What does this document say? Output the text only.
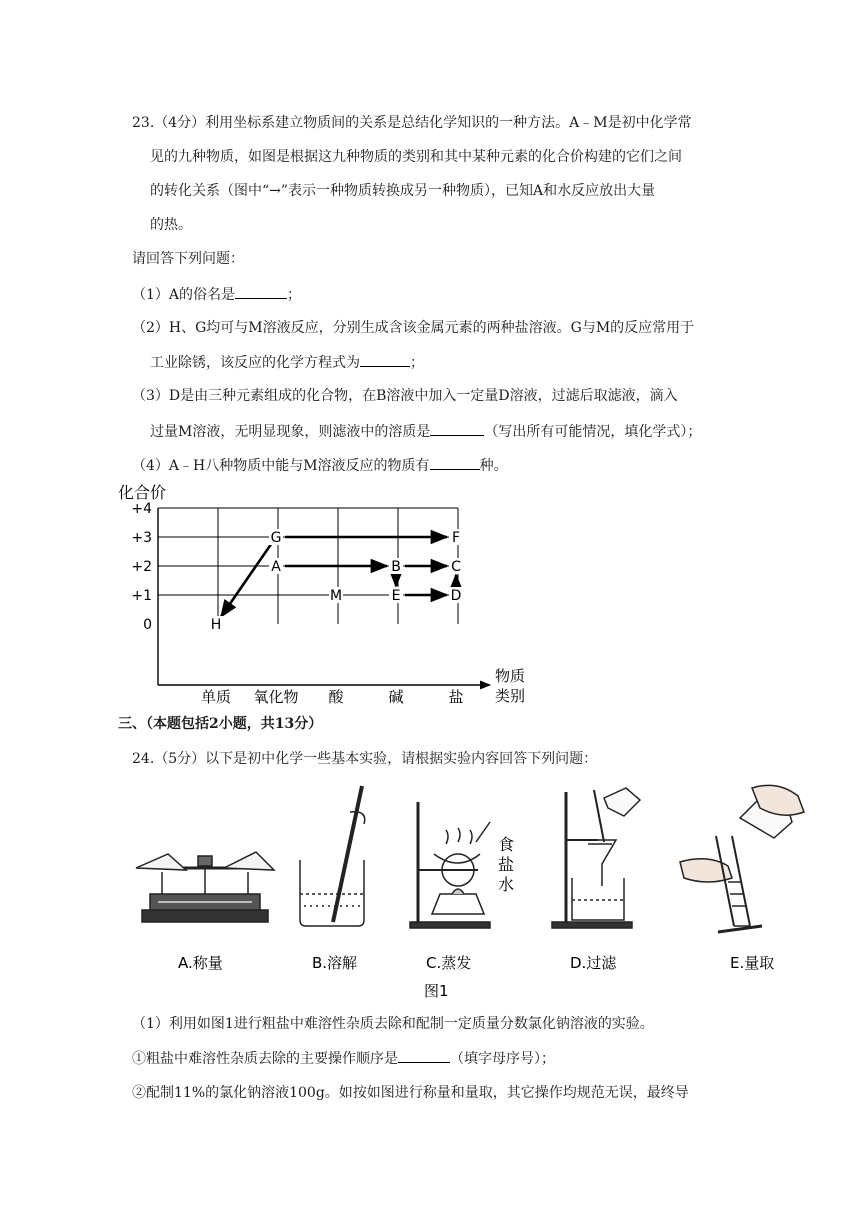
23.（4分）利用坐标系建立物质间的关系是总结化学知识的一种方法。A﹣M是初中化学常
见的九种物质，如图是根据这九种物质的类别和其中某种元素的化合价构建的它们之间
的转化关系（图中“→”表示一种物质转换成另一种物质），已知A和水反应放出大量
的热。
请回答下列问题：
（1）A的俗名是	；
（2）H、G均可与M溶液反应，分别生成含该金属元素的两种盐溶液。G与M的反应常用于
工业除锈，该反应的化学方程式为	；
（3）D是由三种元素组成的化合物，在B溶液中加入一定量D溶液，过滤后取滤液，滴入
过量M溶液，无明显现象，则滤液中的溶质是	（写出所有可能情况，填化学式）；
（4）A﹣H八种物质中能与M溶液反应的物质有	种。
化合价
H
G
A
M
B
E
F
C
D
+4
+3
+2
+1
0
单质 氧化物 酸	碱	盐
物质
类别
三、（本题包括2小题，共13分）
24.（5分）以下是初中化学一些基本实验，请根据实验内容回答下列问题：
食
盐
水
A.称量	B.溶解	C.蒸发	D.过滤	E.量取
图1
（1）利用如图1进行粗盐中难溶性杂质去除和配制一定质量分数氯化钠溶液的实验。
①粗盐中难溶性杂质去除的主要操作顺序是	（填字母序号）；
②配制11%的氯化钠溶液100g。如按如图进行称量和量取，其它操作均规范无误，最终导
